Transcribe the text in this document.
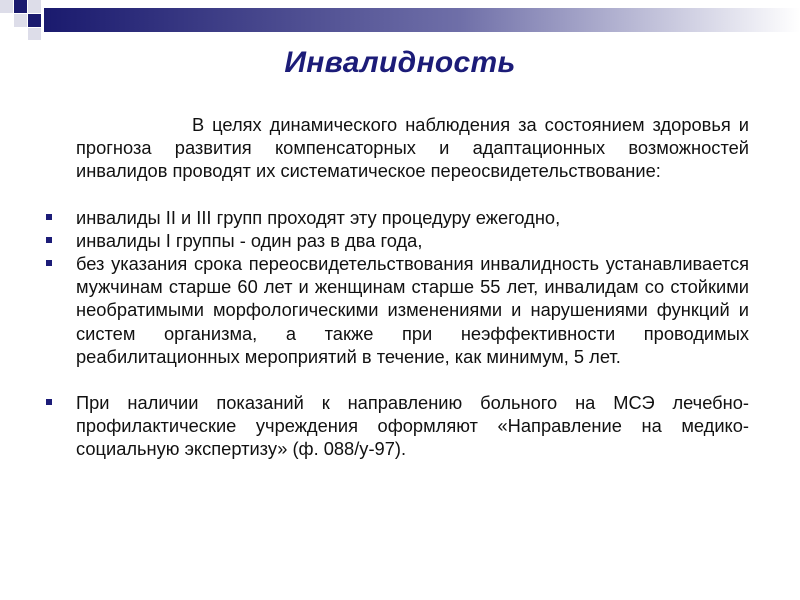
Инвалидность

В целях динамического наблюдения за состоянием здоровья и прогноза развития компенсаторных и адаптационных возможностей инвалидов проводят их систематическое переосвидетельствование:

инвалиды II и III групп проходят эту процедуру ежегодно,
инвалиды I группы - один раз в два года,
без указания срока переосвидетельствования инвалидность устанавливается мужчинам старше 60 лет и женщинам старше 55 лет, инвалидам со стойкими необратимыми морфологическими изменениями и нарушениями функций и систем организма, а также при неэффективности проводимых реабилитационных мероприятий в течение, как минимум, 5 лет.
При наличии показаний к направлению больного на МСЭ лечебно-профилактические учреждения оформляют «Направление на медико-социальную экспертизу» (ф. 088/у-97).
